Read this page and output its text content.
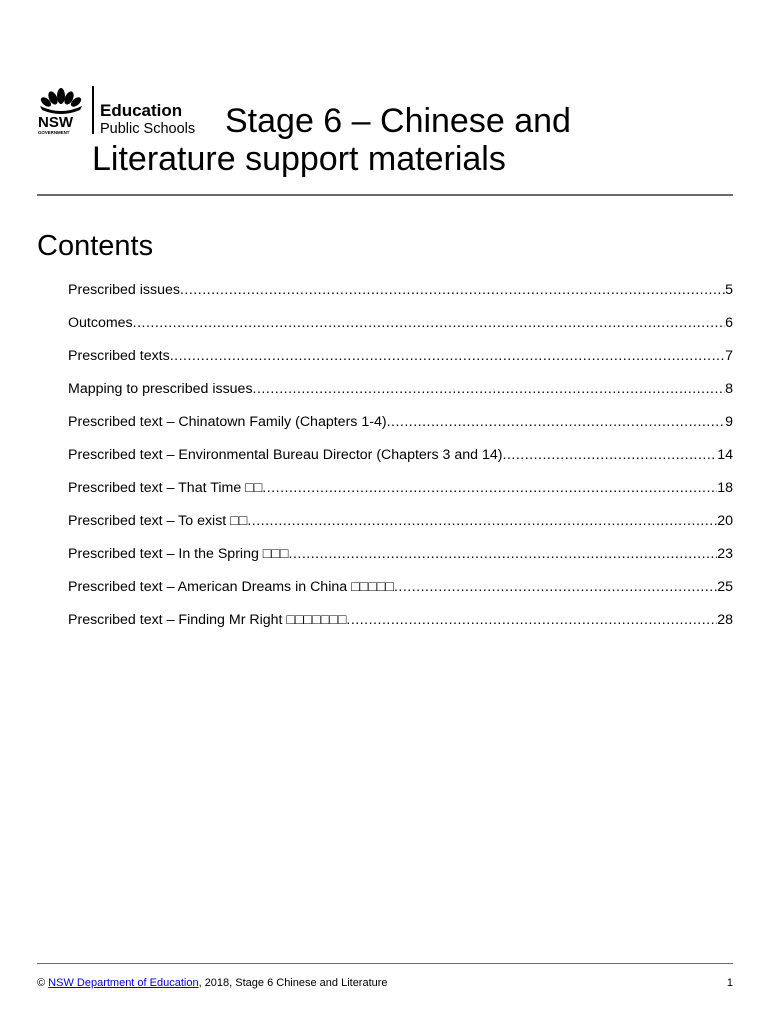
NSW
GOVERNMENT
Education
Public Schools Stage 6 – Chinese and
Literature support materials
Contents
Prescribed issues .....	5
Outcomes .....	6
Prescribed texts .....	7
Mapping to prescribed issues .....	8
Prescribed text – Chinatown Family (Chapters 1-4) .....	9
Prescribed text – Environmental Bureau Director (Chapters 3 and 14) .....	14
Prescribed text – That Time □□ .....	18
Prescribed text – To exist □□ .....	20
Prescribed text – In the Spring □□□ .....	23
Prescribed text – American Dreams in China □□□□□ .....	25
Prescribed text – Finding Mr Right □□□□□□□ .....	28
© NSW Department of Education, 2018, Stage 6 Chinese and Literature	1
